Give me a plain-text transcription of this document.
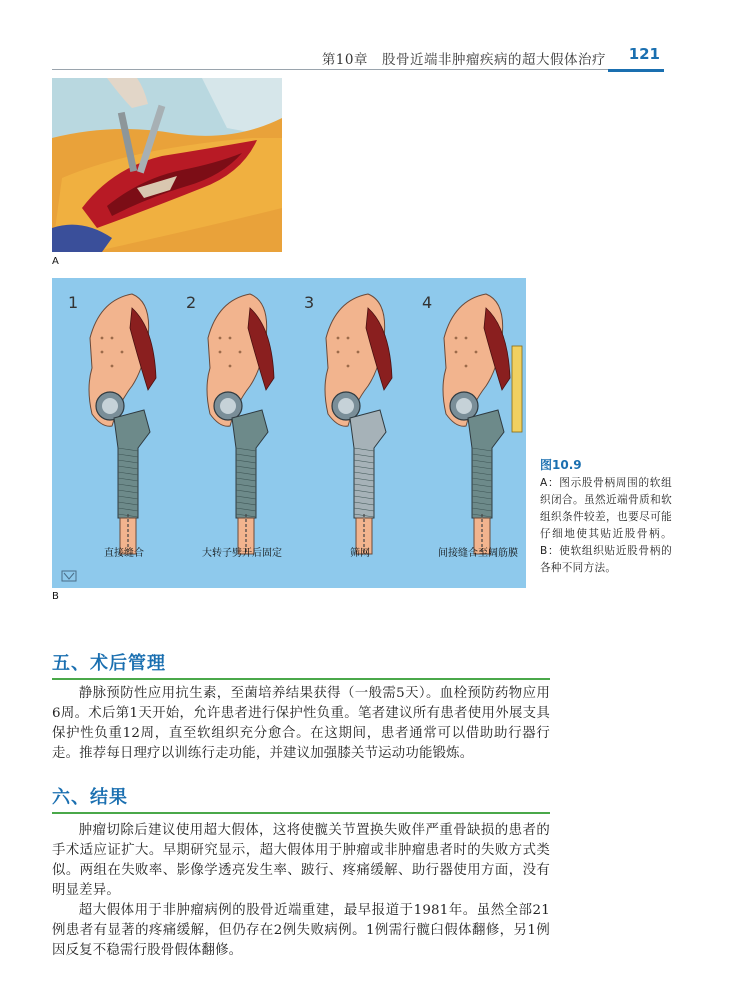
第10章　股骨近端非肿瘤疾病的超大假体治疗 121
A
1
直接缝合
2
大转子劈开后固定
3
筛网
4
间接缝合至阔筋膜
B
图10.9
A：图示股骨柄周围的软组织闭合。虽然近端骨质和软组织条件较差，也要尽可能仔细地使其贴近股骨柄。B：使软组织贴近股骨柄的各种不同方法。
五、术后管理

静脉预防性应用抗生素，至菌培养结果获得（一般需5天）。血栓预防药物应用6周。术后第1天开始，允许患者进行保护性负重。笔者建议所有患者使用外展支具保护性负重12周，直至软组织充分愈合。在这期间，患者通常可以借助助行器行走。推荐每日理疗以训练行走功能，并建议加强膝关节运动功能锻炼。

六、结果

肿瘤切除后建议使用超大假体，这将使髋关节置换失败伴严重骨缺损的患者的手术适应证扩大。早期研究显示，超大假体用于肿瘤或非肿瘤患者时的失败方式类似。两组在失败率、影像学透亮发生率、跛行、疼痛缓解、助行器使用方面，没有明显差异。

超大假体用于非肿瘤病例的股骨近端重建，最早报道于1981年。虽然全部21例患者有显著的疼痛缓解，但仍存在2例失败病例。1例需行髋臼假体翻修，另1例因反复不稳需行股骨假体翻修。
